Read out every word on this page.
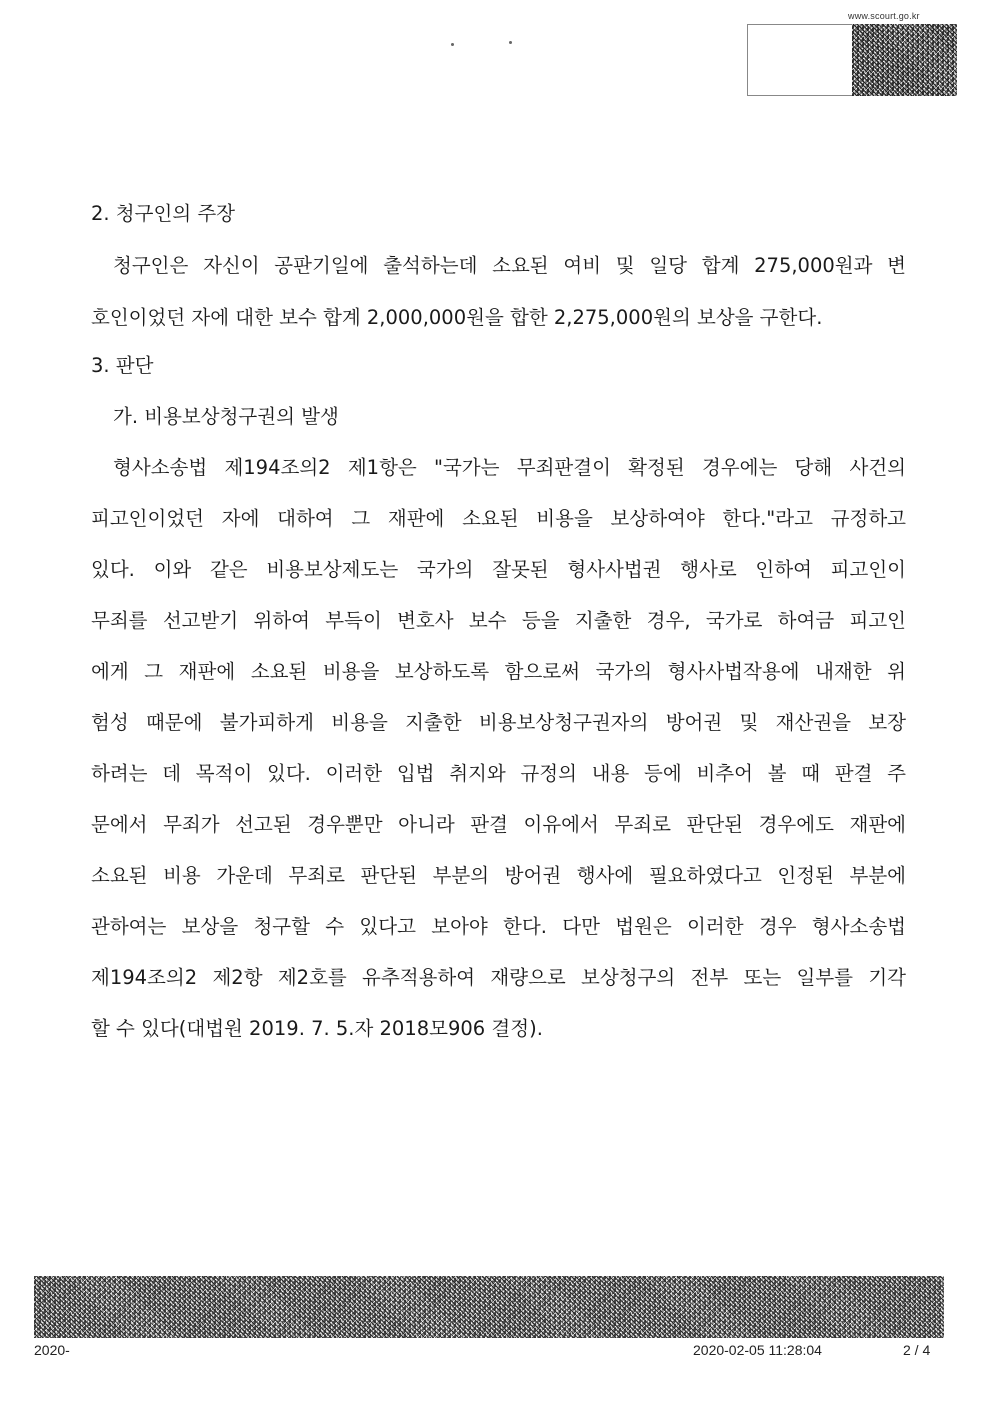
www.scourt.go.kr
2. 청구인의 주장
청구인은 자신이 공판기일에 출석하는데 소요된 여비 및 일당 합계 275,000원과 변
호인이었던 자에 대한 보수 합계 2,000,000원을 합한 2,275,000원의 보상을 구한다.
3. 판단
가. 비용보상청구권의 발생
형사소송법 제194조의2 제1항은 "국가는 무죄판결이 확정된 경우에는 당해 사건의
피고인이었던 자에 대하여 그 재판에 소요된 비용을 보상하여야 한다."라고 규정하고
있다. 이와 같은 비용보상제도는 국가의 잘못된 형사사법권 행사로 인하여 피고인이
무죄를 선고받기 위하여 부득이 변호사 보수 등을 지출한 경우, 국가로 하여금 피고인
에게 그 재판에 소요된 비용을 보상하도록 함으로써 국가의 형사사법작용에 내재한 위
험성 때문에 불가피하게 비용을 지출한 비용보상청구권자의 방어권 및 재산권을 보장
하려는 데 목적이 있다. 이러한 입법 취지와 규정의 내용 등에 비추어 볼 때 판결 주
문에서 무죄가 선고된 경우뿐만 아니라 판결 이유에서 무죄로 판단된 경우에도 재판에
소요된 비용 가운데 무죄로 판단된 부분의 방어권 행사에 필요하였다고 인정된 부분에
관하여는 보상을 청구할 수 있다고 보아야 한다. 다만 법원은 이러한 경우 형사소송법
제194조의2 제2항 제2호를 유추적용하여 재량으로 보상청구의 전부 또는 일부를 기각
할 수 있다(대법원 2019. 7. 5.자 2018모906 결정).
2020-	2020-02-05 11:28:04	2 / 4
